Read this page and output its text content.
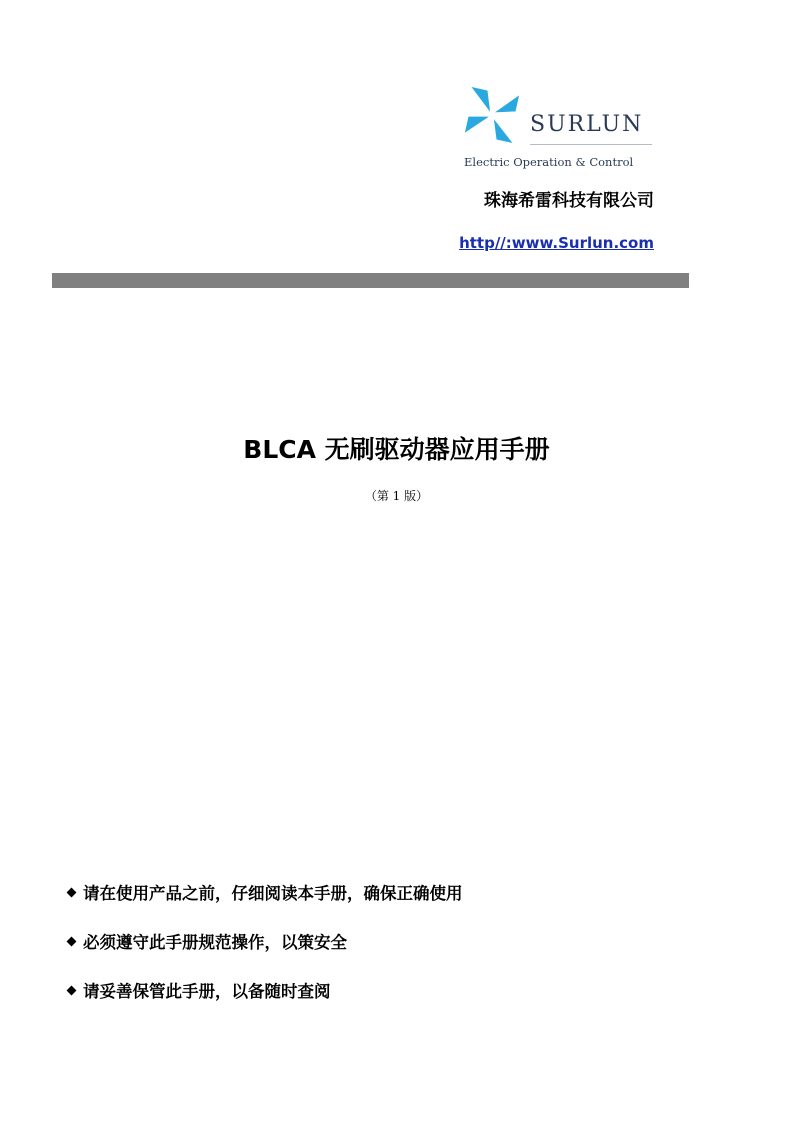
SURLUN
Electric Operation & Control
珠海希雷科技有限公司
http//:www.Surlun.com
BLCA 无刷驱动器应用手册
（第 1 版）
请在使用产品之前，仔细阅读本手册，确保正确使用
必须遵守此手册规范操作，以策安全
请妥善保管此手册，以备随时查阅
